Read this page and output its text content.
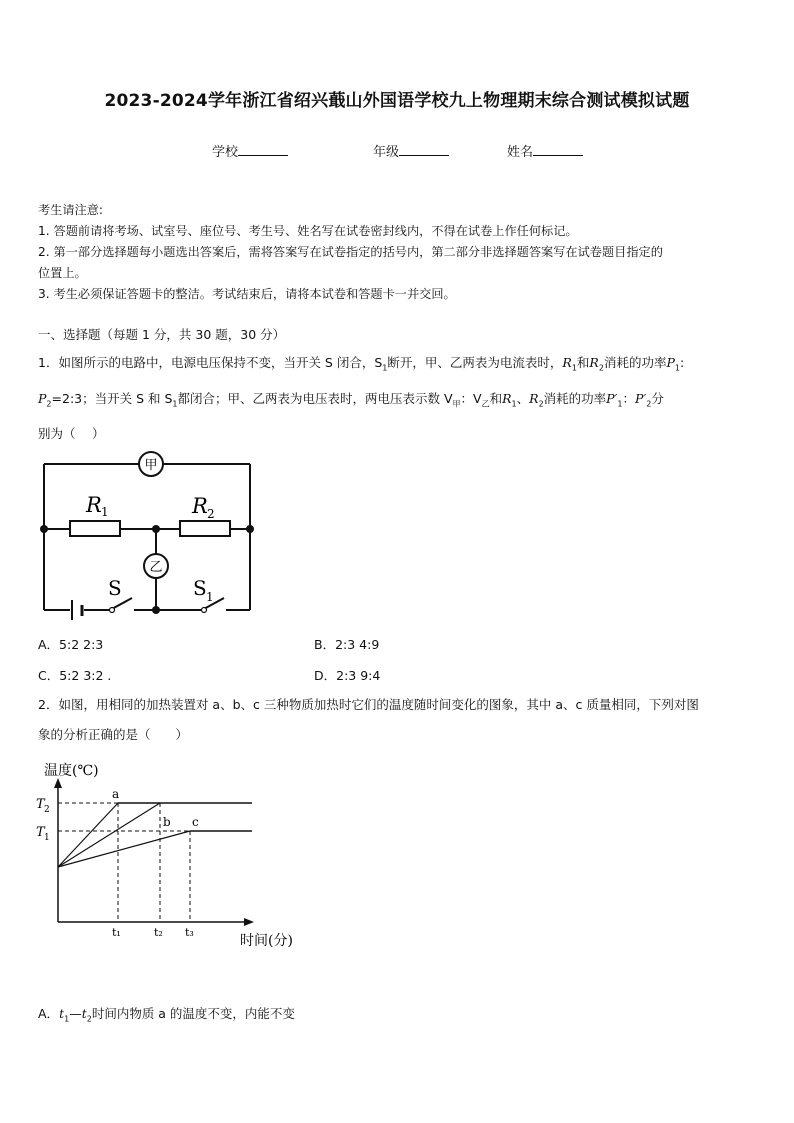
2023-2024学年浙江省绍兴蕺山外国语学校九上物理期末综合测试模拟试题
学校	年级	姓名
考生请注意:
1. 答题前请将考场、试室号、座位号、考生号、姓名写在试卷密封线内，不得在试卷上作任何标记。
2. 第一部分选择题每小题选出答案后，需将答案写在试卷指定的括号内，第二部分非选择题答案写在试卷题目指定的
位置上。
3. 考生必须保证答题卡的整洁。考试结束后，请将本试卷和答题卡一并交回。
一、选择题（每题 1 分，共 30 题，30 分）
1．如图所示的电路中，电源电压保持不变，当开关 S 闭合，$S_1$断开，甲、乙两表为电流表时，$R_1$和$R_2$消耗的功率$P_1$:
$P_2=2:3$；当开关 S 和 $S_1$都闭合；甲、乙两表为电压表时，两电压表示数 $V_甲$：$V_乙$和$R_1$、$R_2$消耗的功率$P'_1$：$P'_2$分
别为（　 ）
甲
乙
R 1	R 2
S	S 1
A．5:2 2:3	B．2:3 4:9
C．5:2 3:2 .	D．2:3 9:4
2．如图，用相同的加热装置对 a、b、c 三种物质加热时它们的温度随时间变化的图象，其中 a、c 质量相同，下列对图
象的分析正确的是（　　）
温度(℃)
时间(分)
T 2
T 1
a
b c
t₁	t₂ t₃
A．$t_1—t_2$时间内物质 a 的温度不变，内能不变
